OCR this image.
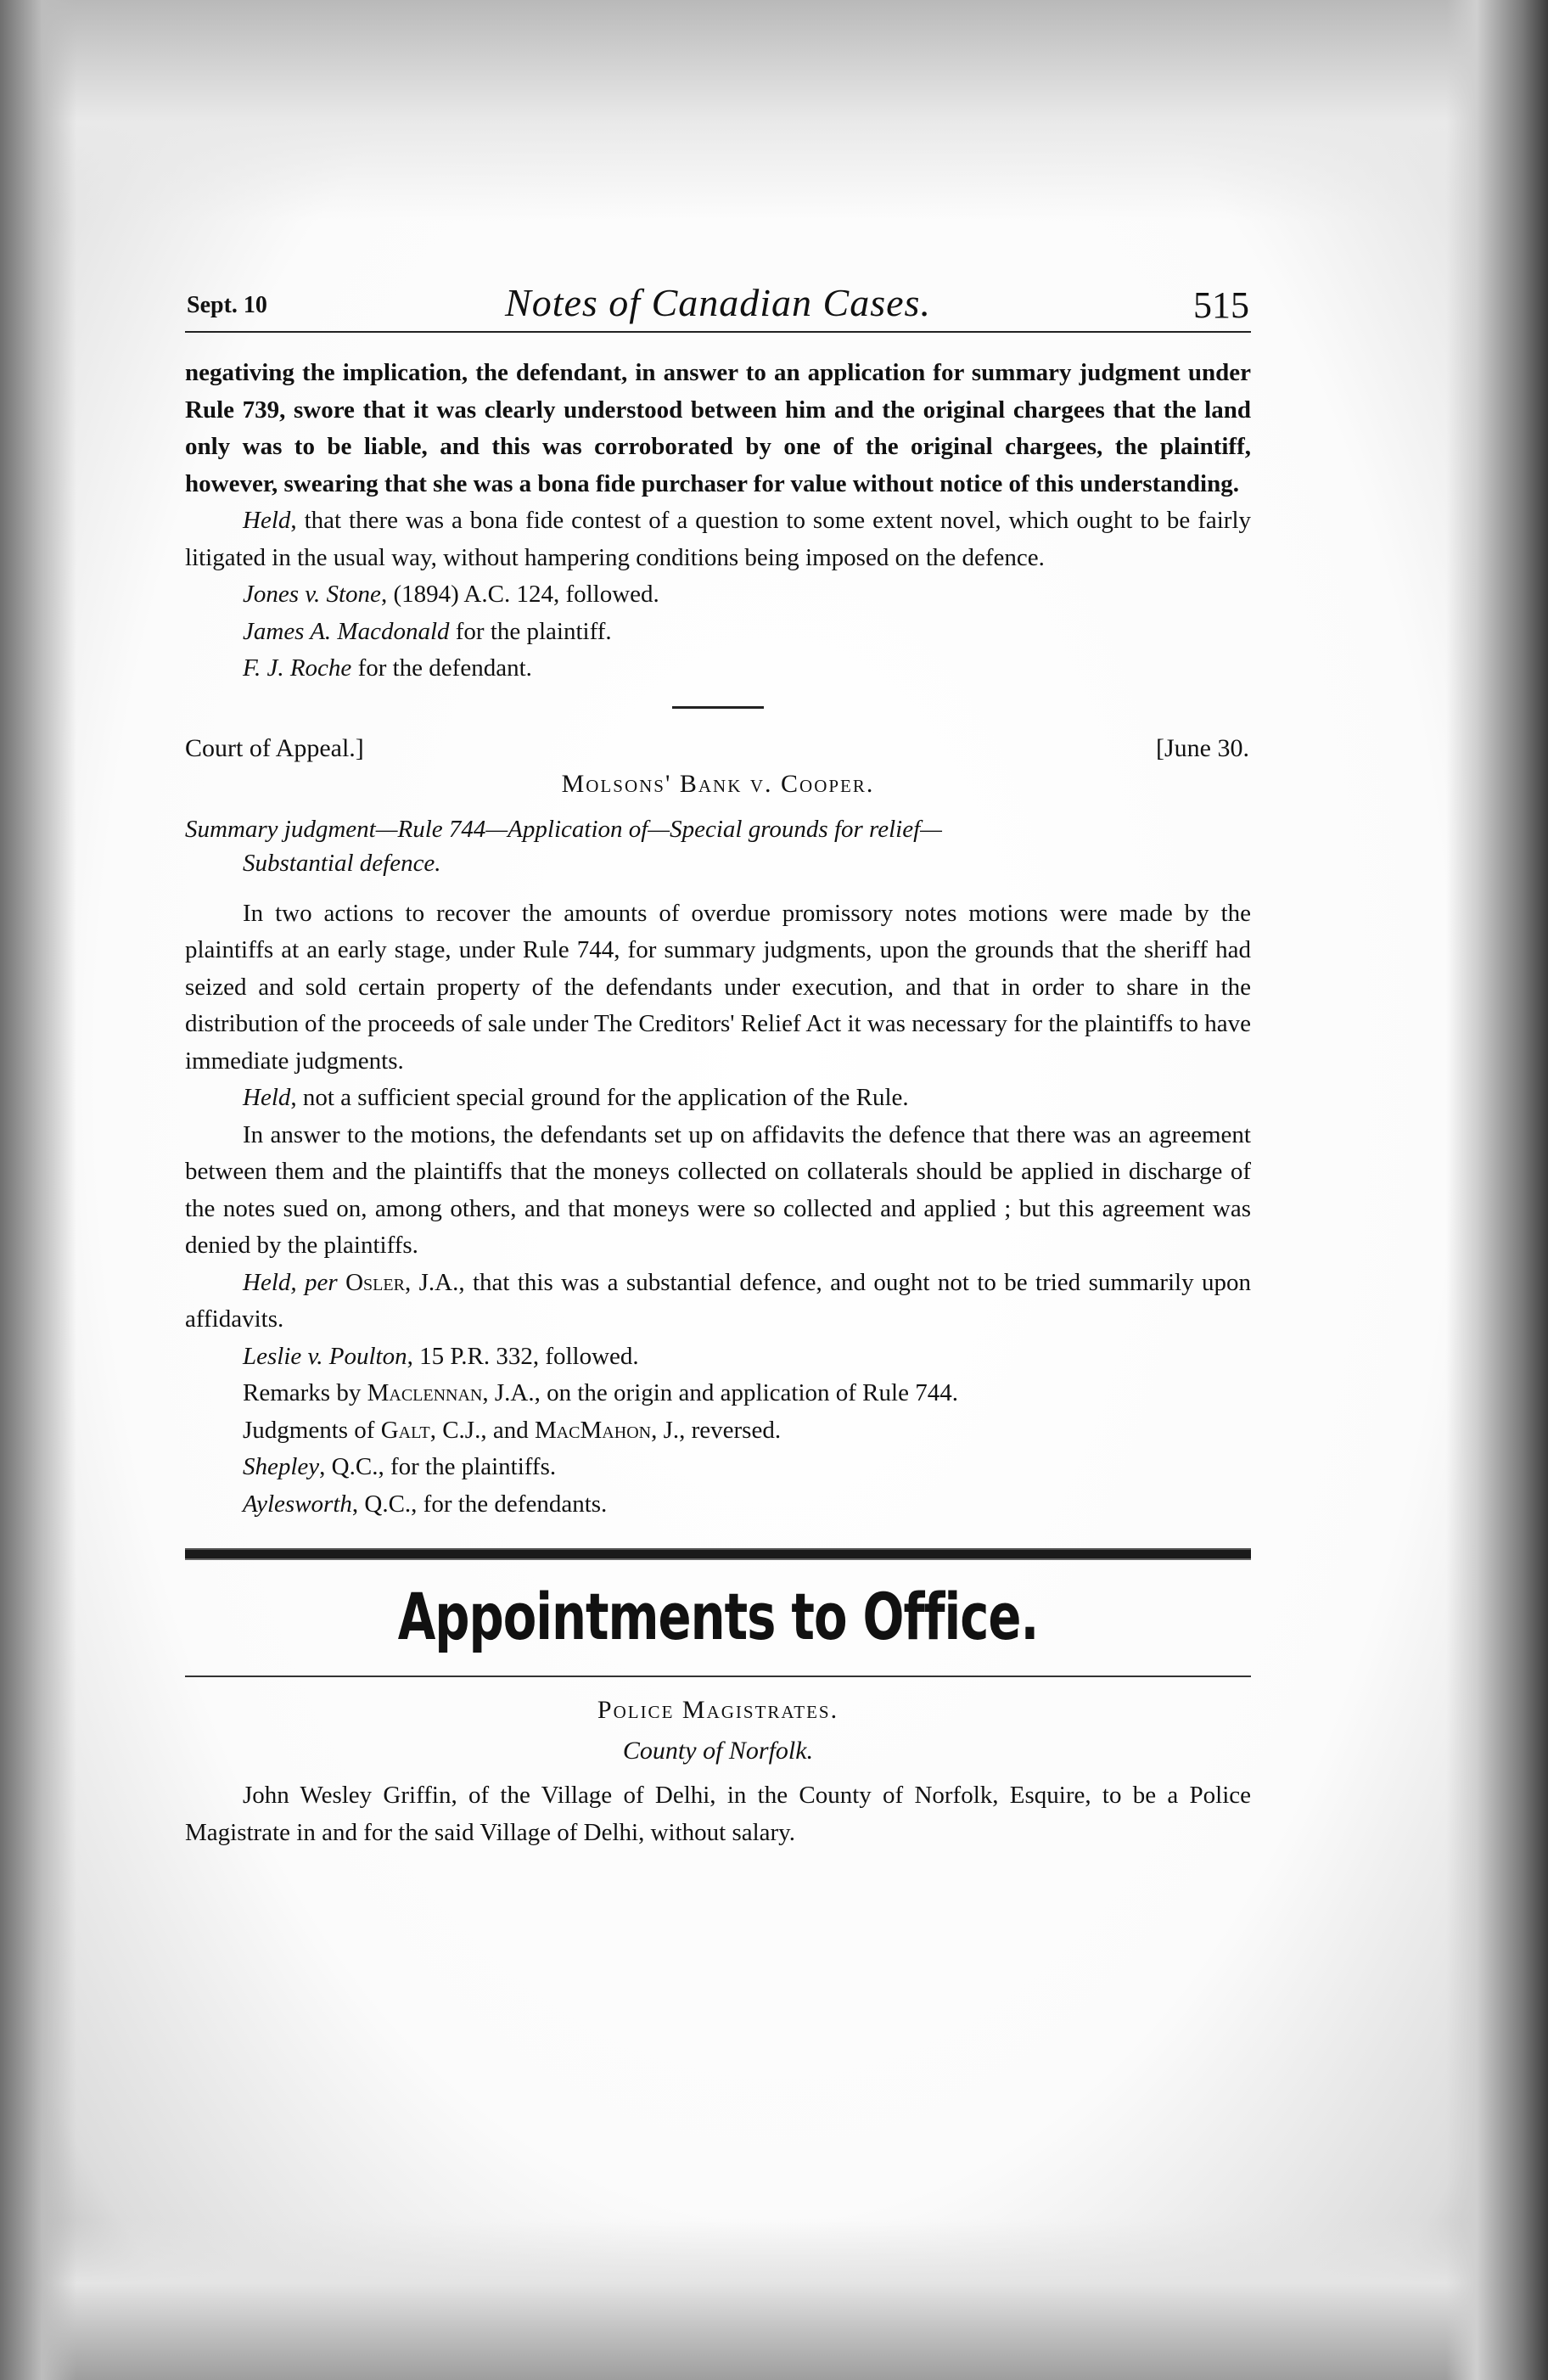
Sept. 10	Notes of Canadian Cases.	515

negativing the implication, the defendant, in answer to an application for summary judgment under Rule 739, swore that it was clearly understood between him and the original chargees that the land only was to be liable, and this was corroborated by one of the original chargees, the plaintiff, however, swearing that she was a bona fide purchaser for value without notice of this understanding.

Held, that there was a bona fide contest of a question to some extent novel, which ought to be fairly litigated in the usual way, without hampering conditions being imposed on the defence.

Jones v. Stone, (1894) A.C. 124, followed.

James A. Macdonald for the plaintiff.

F. J. Roche for the defendant.

Court of Appeal.]	[June 30.
Molsons' Bank v. Cooper.
Summary judgment—Rule 744—Application of—Special grounds for relief—
Substantial defence.

In two actions to recover the amounts of overdue promissory notes motions were made by the plaintiffs at an early stage, under Rule 744, for summary judgments, upon the grounds that the sheriff had seized and sold certain property of the defendants under execution, and that in order to share in the distribution of the proceeds of sale under The Creditors' Relief Act it was necessary for the plaintiffs to have immediate judgments.

Held, not a sufficient special ground for the application of the Rule.

In answer to the motions, the defendants set up on affidavits the defence that there was an agreement between them and the plaintiffs that the moneys collected on collaterals should be applied in discharge of the notes sued on, among others, and that moneys were so collected and applied ; but this agreement was denied by the plaintiffs.

Held, per Osler, J.A., that this was a substantial defence, and ought not to be tried summarily upon affidavits.

Leslie v. Poulton, 15 P.R. 332, followed.

Remarks by Maclennan, J.A., on the origin and application of Rule 744.

Judgments of Galt, C.J., and MacMahon, J., reversed.

Shepley, Q.C., for the plaintiffs.

Aylesworth, Q.C., for the defendants.

Appointments to Office.
Police Magistrates.
County of Norfolk.

John Wesley Griffin, of the Village of Delhi, in the County of Norfolk, Esquire, to be a Police Magistrate in and for the said Village of Delhi, without salary.
